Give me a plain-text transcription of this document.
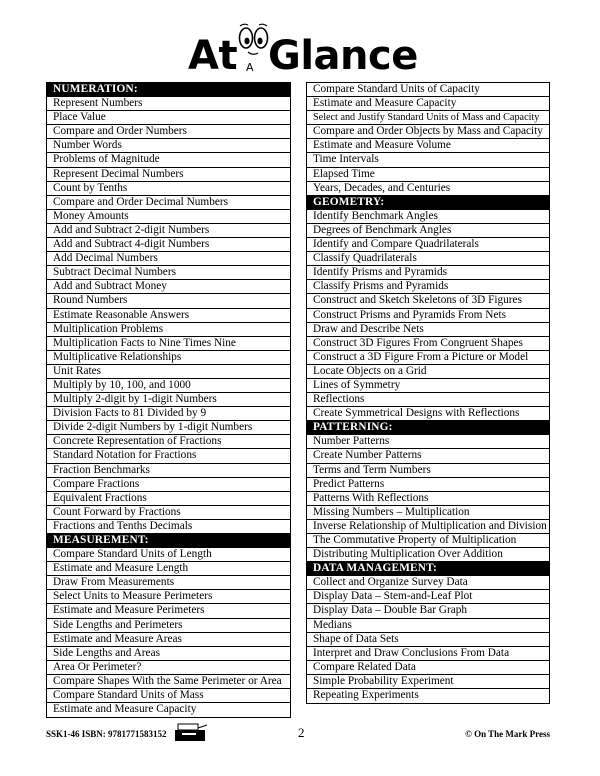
At A Glance
NUMERATION:
Represent Numbers
Place Value
Compare and Order Numbers
Number Words
Problems of Magnitude
Represent Decimal Numbers
Count by Tenths
Compare and Order Decimal Numbers
Money Amounts
Add and Subtract 2-digit Numbers
Add and Subtract 4-digit Numbers
Add Decimal Numbers
Subtract Decimal Numbers
Add and Subtract Money
Round Numbers
Estimate Reasonable Answers
Multiplication Problems
Multiplication Facts to Nine Times Nine
Multiplicative Relationships
Unit Rates
Multiply by 10, 100, and 1000
Multiply 2-digit by 1-digit Numbers
Division Facts to 81 Divided by 9
Divide 2-digit Numbers by 1-digit Numbers
Concrete Representation of Fractions
Standard Notation for Fractions
Fraction Benchmarks
Compare Fractions
Equivalent Fractions
Count Forward by Fractions
Fractions and Tenths Decimals
MEASUREMENT:
Compare Standard Units of Length
Estimate and Measure Length
Draw From Measurements
Select Units to Measure Perimeters
Estimate and Measure Perimeters
Side Lengths and Perimeters
Estimate and Measure Areas
Side Lengths and Areas
Area Or Perimeter?
Compare Shapes With the Same Perimeter or Area
Compare Standard Units of Mass
Estimate and Measure Capacity
Compare Standard Units of Capacity
Estimate and Measure Capacity
Select and Justify Standard Units of Mass and Capacity
Compare and Order Objects by Mass and Capacity
Estimate and Measure Volume
Time Intervals
Elapsed Time
Years, Decades, and Centuries
GEOMETRY:
Identify Benchmark Angles
Degrees of Benchmark Angles
Identify and Compare Quadrilaterals
Classify Quadrilaterals
Identify Prisms and Pyramids
Classify Prisms and Pyramids
Construct and Sketch Skeletons of 3D Figures
Construct Prisms and Pyramids From Nets
Draw and Describe Nets
Construct 3D Figures From Congruent Shapes
Construct a 3D Figure From a Picture or Model
Locate Objects on a Grid
Lines of Symmetry
Reflections
Create Symmetrical Designs with Reflections
PATTERNING:
Number Patterns
Create Number Patterns
Terms and Term Numbers
Predict Patterns
Patterns With Reflections
Missing Numbers – Multiplication
Inverse Relationship of Multiplication and Division
The Commutative Property of Multiplication
Distributing Multiplication Over Addition
DATA MANAGEMENT:
Collect and Organize Survey Data
Display Data – Stem-and-Leaf Plot
Display Data – Double Bar Graph
Medians
Shape of Data Sets
Interpret and Draw Conclusions From Data
Compare Related Data
Simple Probability Experiment
Repeating Experiments
SSK1-46 ISBN: 9781771583152	2	© On The Mark Press
